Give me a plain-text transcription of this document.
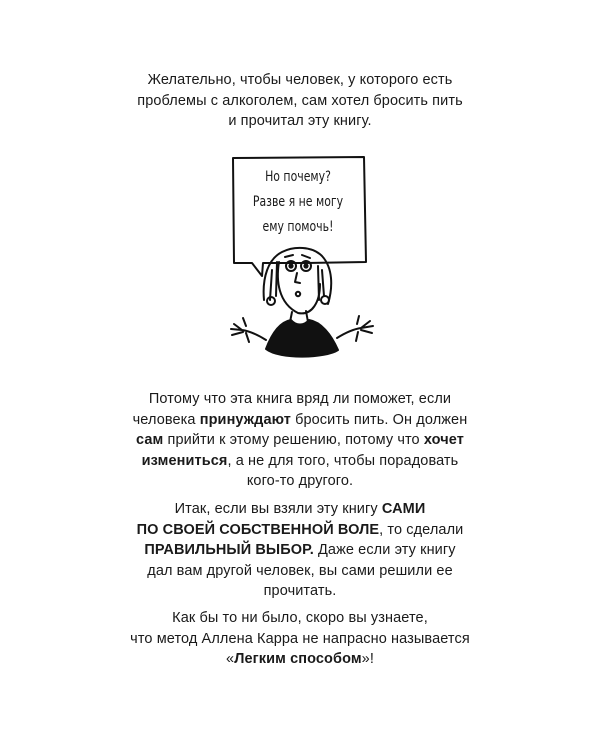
Желательно, чтобы человек, у которого есть
проблемы с алкоголем, сам хотел бросить пить
и прочитал эту книгу.
Но почему?
Разве я не могу
ему помочь!
Потому что эта книга вряд ли поможет, если
человека принуждают бросить пить. Он должен
сам прийти к этому решению, потому что хочет
измениться, а не для того, чтобы порадовать
кого-то другого.
Итак, если вы взяли эту книгу САМИ
ПО СВОЕЙ СОБСТВЕННОЙ ВОЛЕ, то сделали
ПРАВИЛЬНЫЙ ВЫБОР. Даже если эту книгу
дал вам другой человек, вы сами решили ее
прочитать.
Как бы то ни было, скоро вы узнаете,
что метод Аллена Карра не напрасно называется
«Легким способом»!
